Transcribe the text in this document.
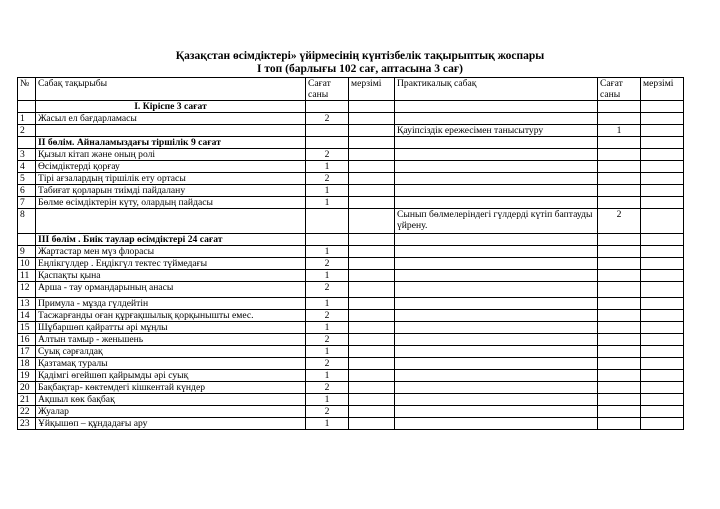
Қазақстан өсімдіктері» үйірмесінің күнтізбелік тақырыптық жоспары
I топ (барлығы 102 сағ, аптасына 3 сағ)
№	Сабақ тақырыбы	Сағат саны	мерзімі	Практикалық сабақ	Сағат саны	мерзімі
	I. Кіріспе 3 сағат					
1	Жасыл ел бағдарламасы	2				
2				Қауіпсіздік ережесімен танысытуру	1	
	II бөлім. Айналамыздағы тіршілік 9 сағат					
3	Қызыл кітап және оның ролі	2				
4	Өсімдіктерді қорғау	1				
5	Тірі ағзалардың тіршілік ету ортасы	2				
6	Табиғат қорларын тиімді пайдалану	1				
7	Бөлме өсімдіктерін күту, олардың пайдасы	1				
8				Сынып бөлмелеріндегі гүлдерді күтіп баптауды үйрену.	2	
	III бөлім . Биік таулар өсімдіктері 24 сағат					
9	Жартастар мен мүз флорасы	1				
10	Еңлікгүлдер . Еңдікгүл тектес түймедағы	2				
11	Қаспақты қына	1				
12	Арша - тау ормандарының анасы	2				
13	Примула - мұзда гүлдейтін	1				
14	Тасжарғанды оған құрғақшылық қорқынышты емес.	2				
15	Шұбаршөп қайратты әрі мұңлы	1				
16	Алтын тамыр - женьшень	2				
17	Суық сәрғалдақ	1				
18	Қазтамақ туралы	2				
19	Қадімгі өгейшөп қайрымды әрі суық	1				
20	Бақбақтар- көктемдегі кішкентай күндер	2				
21	Ақшыл көк бақбақ	1				
22	Жуалар	2				
23	Ұйқышөп – құндадағы ару	1				
